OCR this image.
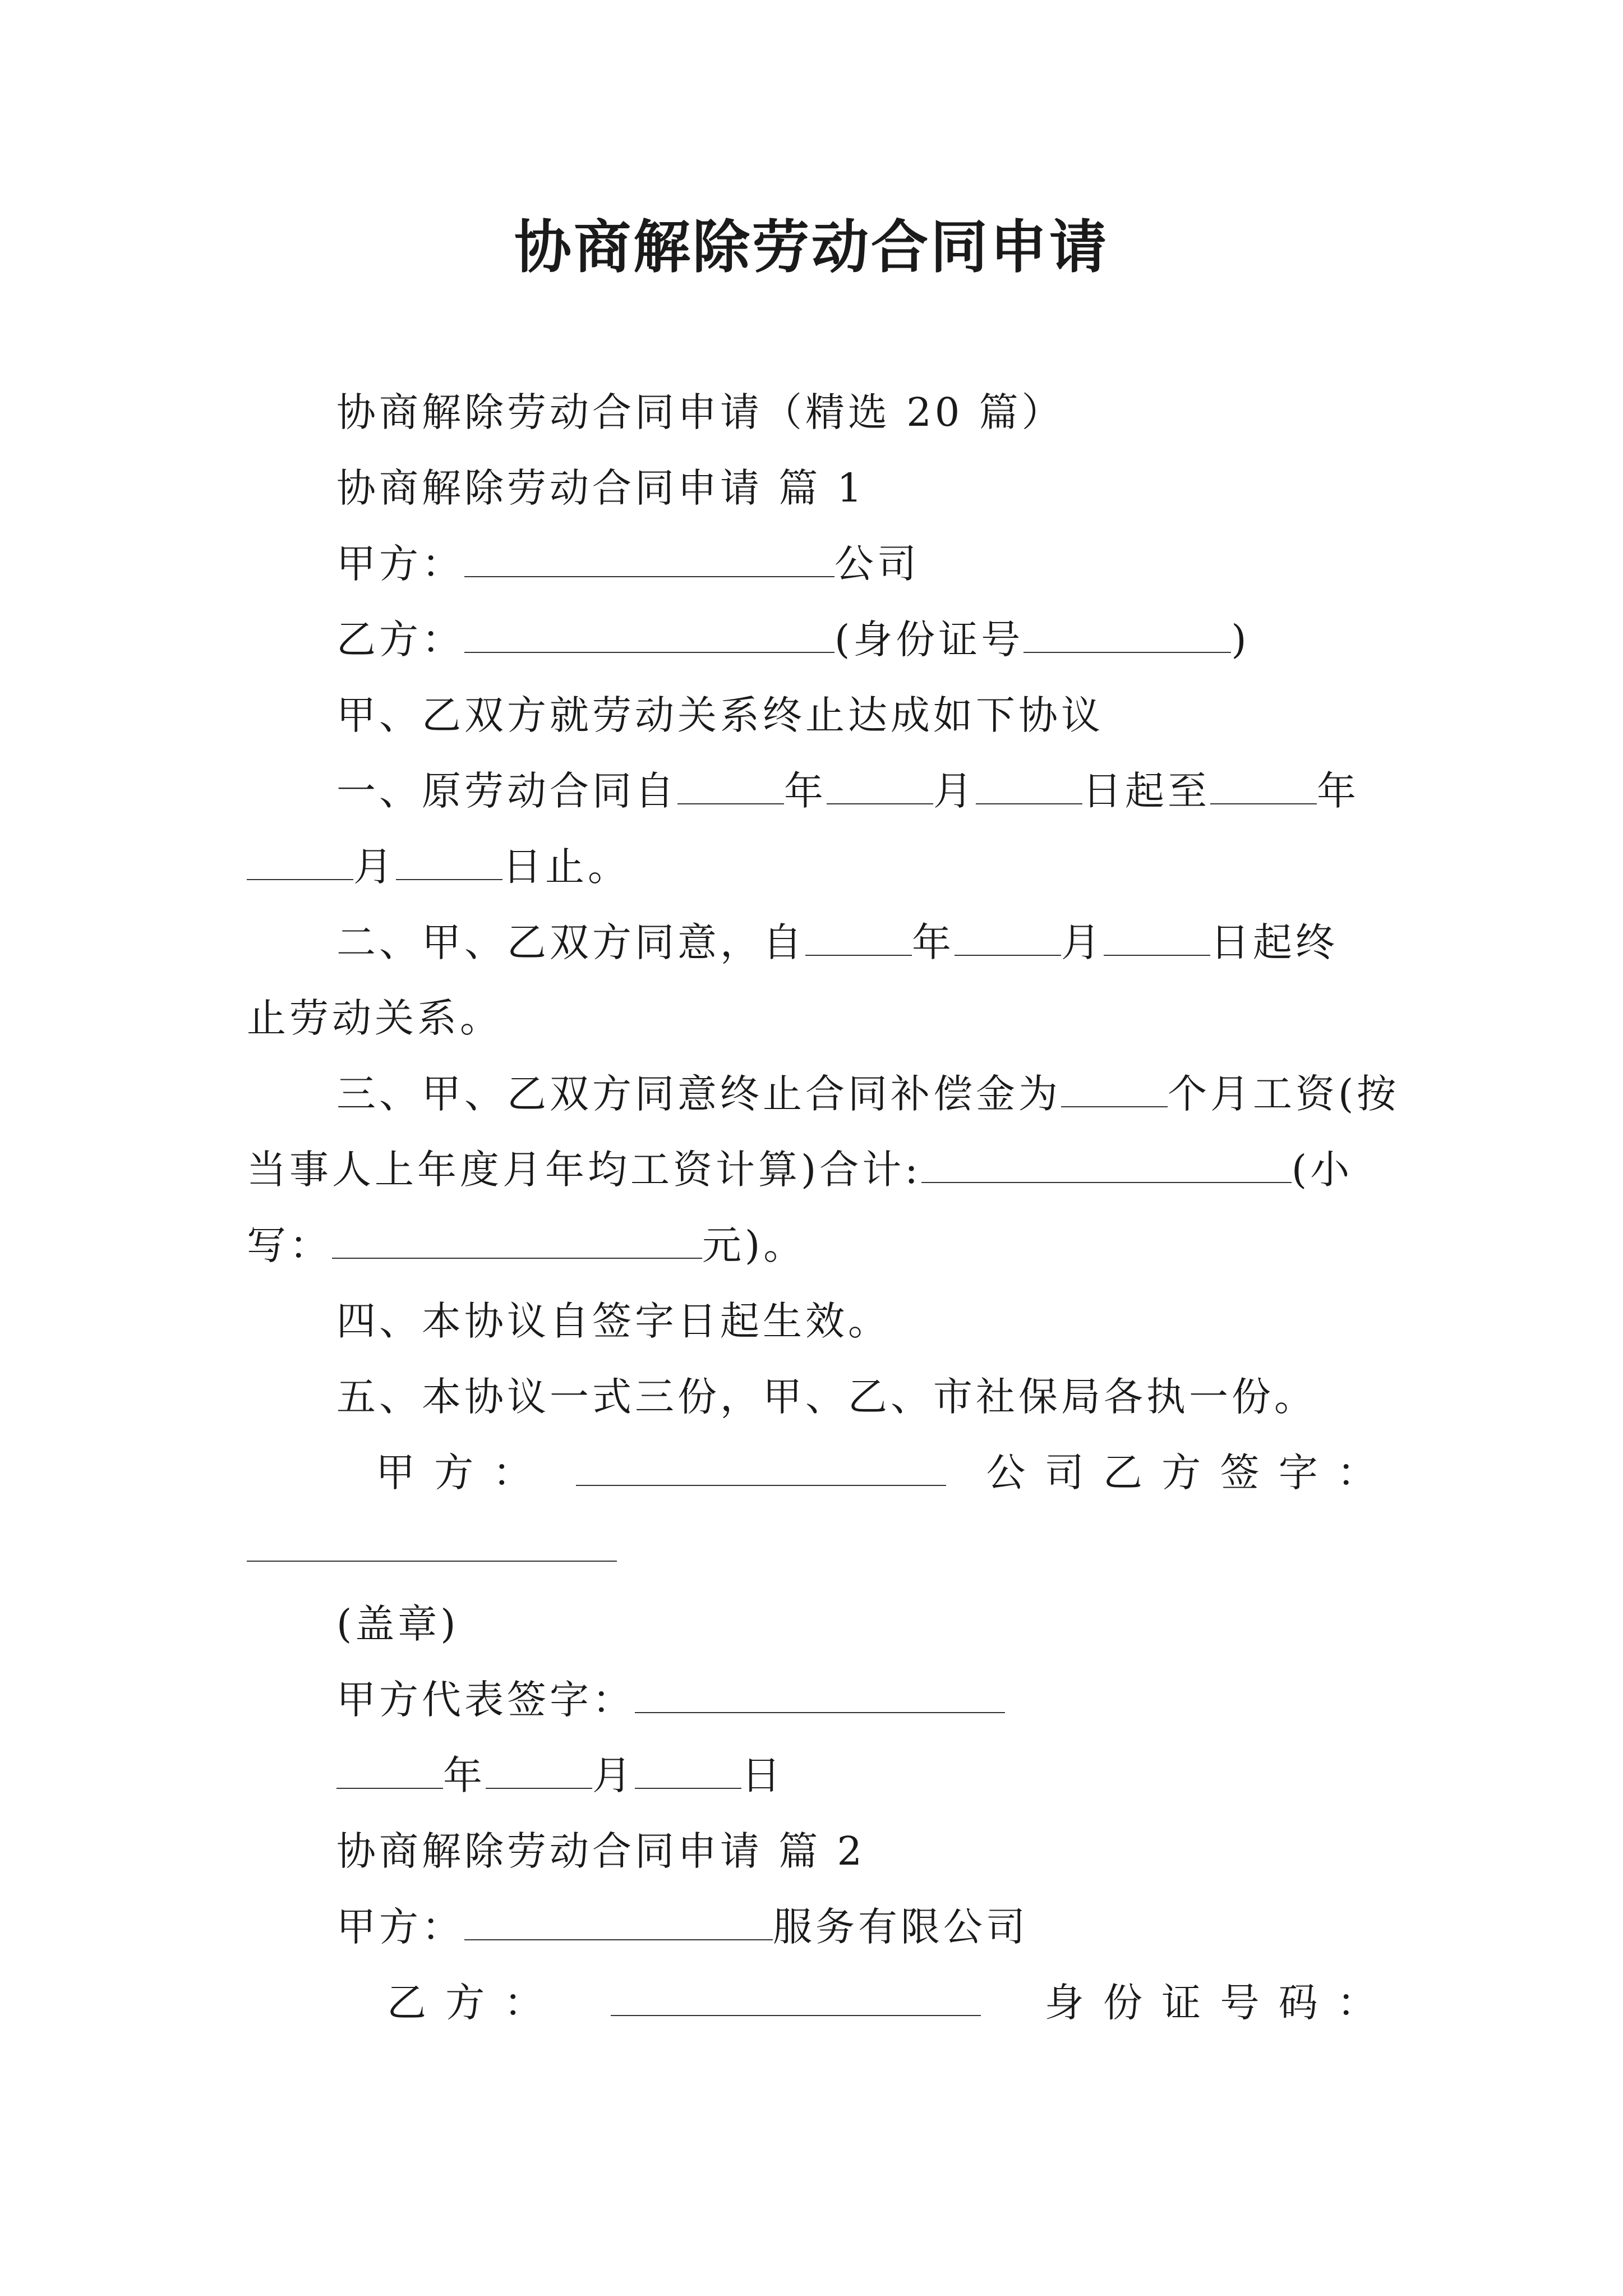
协商解除劳动合同申请
协商解除劳动合同申请（精选 20 篇）
协商解除劳动合同申请 篇 1
甲方：	公司
乙方：	(身份证号	)
甲、乙双方就劳动关系终止达成如下协议
一、原劳动合同自	年	月	日起至	年
月	日止。
二、甲、乙双方同意，自	年	月	日起终
止劳动关系。
三、甲、乙双方同意终止合同补偿金为	个月工资(按
当事人上年度月年均工资计算)合计:	(小
写：	元)。
四、本协议自签字日起生效。
五、本协议一式三份，甲、乙、市社保局各执一份。
甲 方 ：	公 司 乙 方 签 字 ：
(盖章)
甲方代表签字：
年	月	日
协商解除劳动合同申请 篇 2
甲方：	服务有限公司
乙 方 ：	身 份 证 号 码 ：
